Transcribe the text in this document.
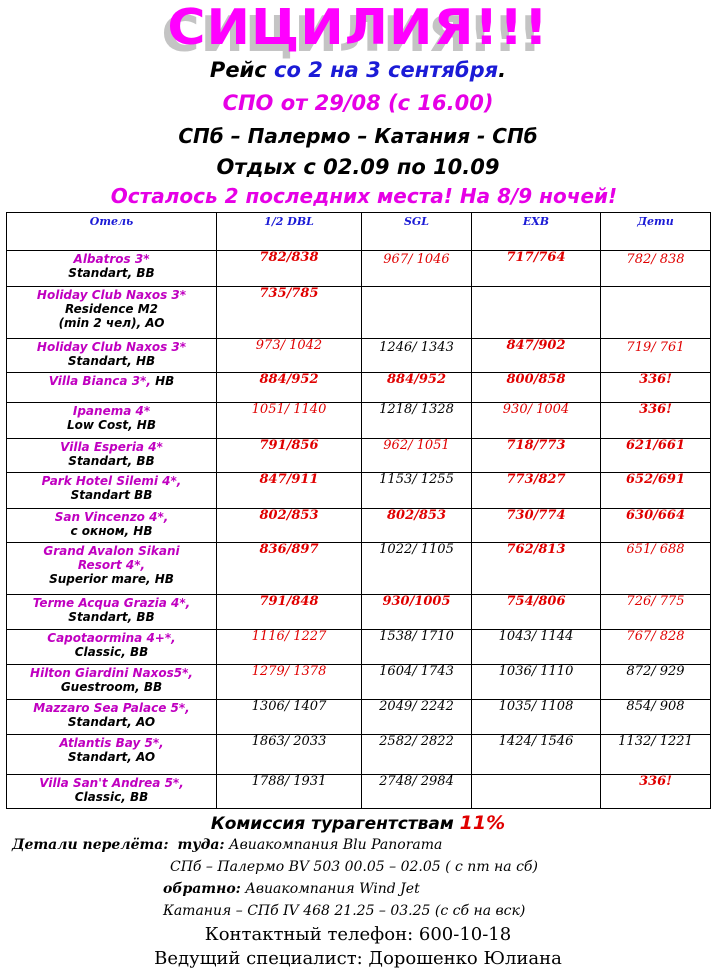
СИЦИЛИЯ!!!
Рейс со 2 на 3 сентября.
СПО от 29/08 (с 16.00)
СПб – Палермо – Катания - СПб
Отдых с 02.09 по 10.09
Осталось 2 последних места! На 8/9 ночей!
Отель	1/2 DBL	SGL	EXB	Дети

Albatros 3*
Standart, BB	782/838	967/ 1046	717/764	782/ 838

Holiday Club Naxos 3*
Residence M2
(min 2 чел), AO	735/785			

Holiday Club Naxos 3*
Standart, HB	973/ 1042	1246/ 1343	847/902	719/ 761

Villa Bianca 3*, HB	884/952	884/952	800/858	336!

Ipanema 4*
Low Cost, HB	1051/ 1140	1218/ 1328	930/ 1004	336!

Villa Esperia 4*
Standart, BB	791/856	962/ 1051	718/773	621/661

Park Hotel Silemi 4*,
Standart BB	847/911	1153/ 1255	773/827	652/691

San Vincenzo 4*,
с окном, HB	802/853	802/853	730/774	630/664

Grand Avalon Sikani
Resort 4*,
Superior mare, HB	836/897	1022/ 1105	762/813	651/ 688

Terme Acqua Grazia 4*,
Standart, BB	791/848	930/1005	754/806	726/ 775

Capotaormina 4+*,
Classic, BB	1116/ 1227	1538/ 1710	1043/ 1144	767/ 828

Hilton Giardini Naxos5*,
Guestroom, BB	1279/ 1378	1604/ 1743	1036/ 1110	872/ 929

Mazzaro Sea Palace 5*,
Standart, AO	1306/ 1407	2049/ 2242	1035/ 1108	854/ 908

Atlantis Bay 5*,
Standart, AO	1863/ 2033	2582/ 2822	1424/ 1546	1132/ 1221

Villa San't Andrea 5*,
Classic, BB	1788/ 1931	2748/ 2984		336!
Комиссия турагентствам 11%
Детали перелёта: туда: Авиакомпания Blu Panorama
СПб – Палермо BV 503 00.05 – 02.05 ( с пт на сб)
обратно: Авиакомпания Wind Jet
Катания – СПб IV 468 21.25 – 03.25 (с сб на вск)
Контактный телефон: 600-10-18
Ведущий специалист: Дорошенко Юлиана
